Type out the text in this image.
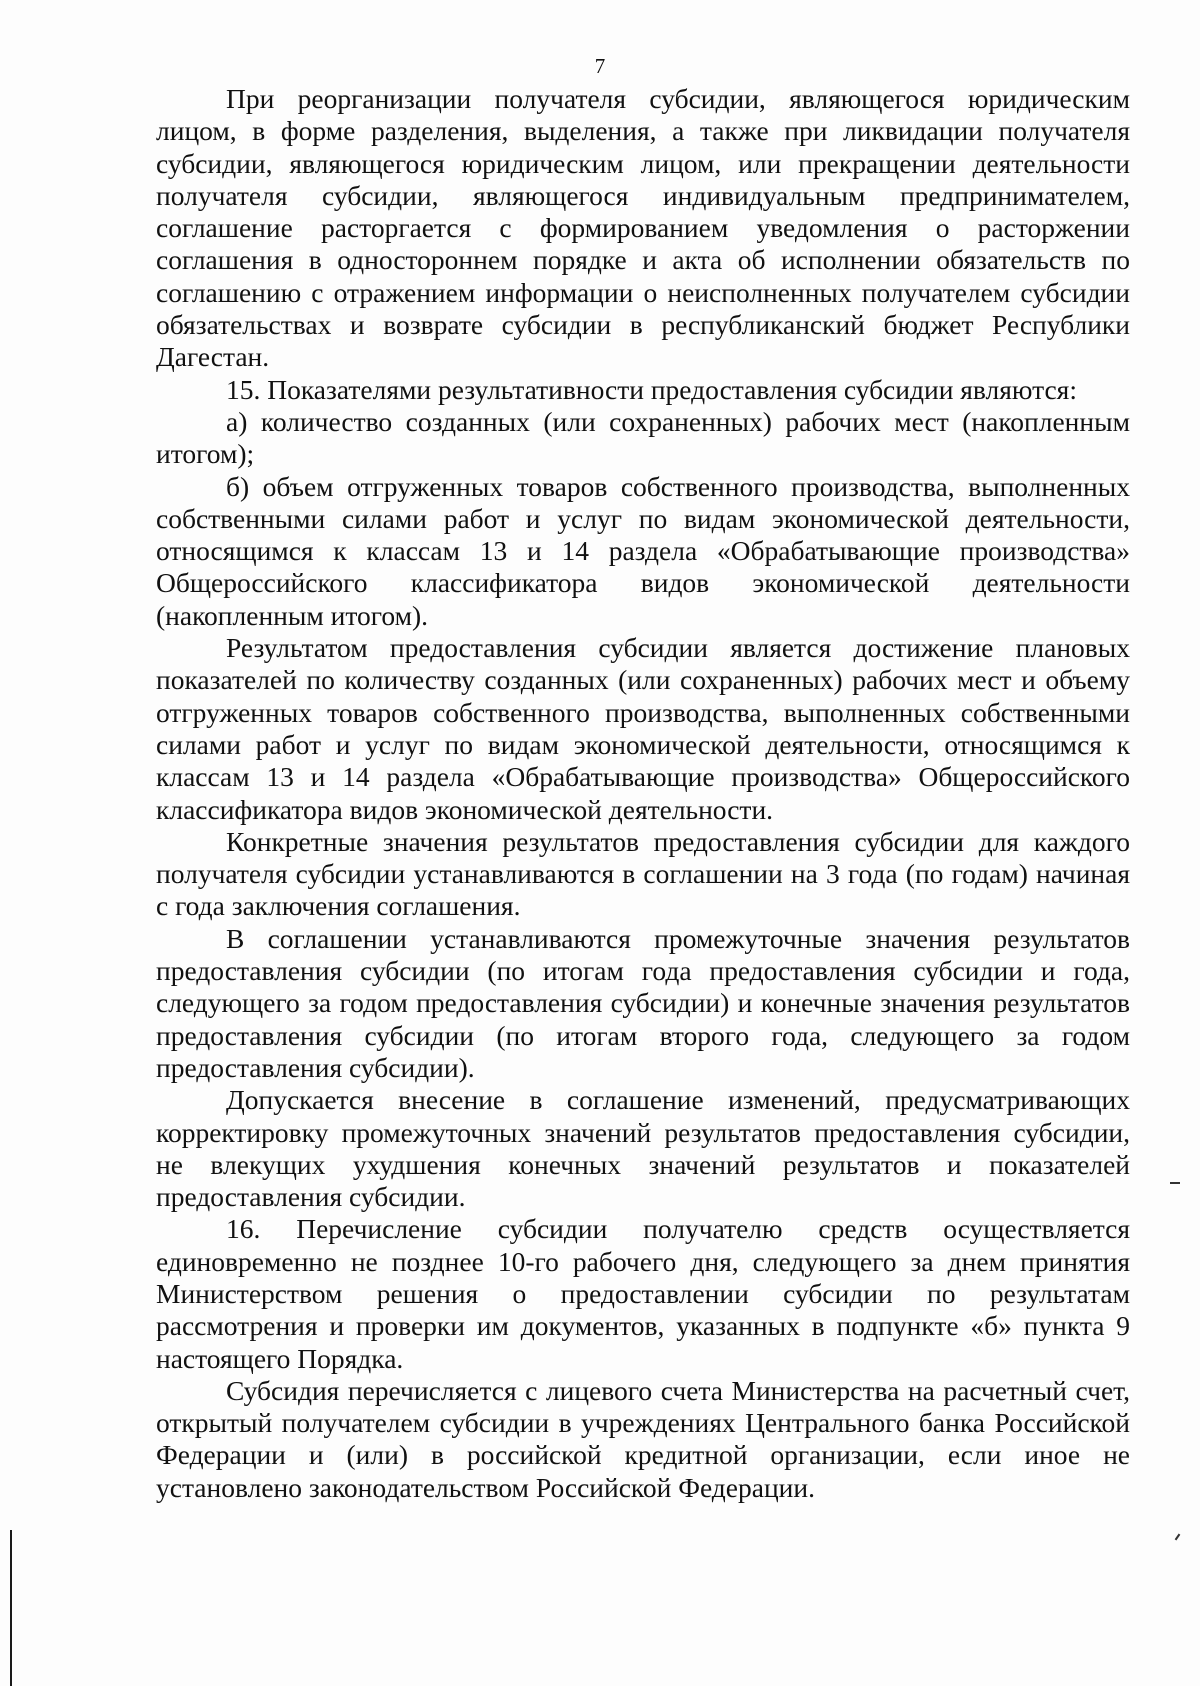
7

При реорганизации получателя субсидии, являющегося юридическим лицом, в форме разделения, выделения, а также при ликвидации получателя субсидии, являющегося юридическим лицом, или прекращении деятельности получателя субсидии, являющегося индивидуальным предпринимателем, соглашение расторгается с формированием уведомления о расторжении соглашения в одностороннем порядке и акта об исполнении обязательств по соглашению с отражением информации о неисполненных получателем субсидии обязательствах и возврате субсидии в республиканский бюджет Республики Дагестан.

15. Показателями результативности предоставления субсидии являются:

а) количество созданных (или сохраненных) рабочих мест (накопленным итогом);

б) объем отгруженных товаров собственного производства, выполненных собственными силами работ и услуг по видам экономической деятельности, относящимся к классам 13 и 14 раздела «Обрабатывающие производства» Общероссийского классификатора видов экономической деятельности (накопленным итогом).

Результатом предоставления субсидии является достижение плановых показателей по количеству созданных (или сохраненных) рабочих мест и объему отгруженных товаров собственного производства, выполненных собственными силами работ и услуг по видам экономической деятельности, относящимся к классам 13 и 14 раздела «Обрабатывающие производства» Общероссийского классификатора видов экономической деятельности.

Конкретные значения результатов предоставления субсидии для каждого получателя субсидии устанавливаются в соглашении на 3 года (по годам) начиная с года заключения соглашения.

В соглашении устанавливаются промежуточные значения результатов предоставления субсидии (по итогам года предоставления субсидии и года, следующего за годом предоставления субсидии) и конечные значения результатов предоставления субсидии (по итогам второго года, следующего за годом предоставления субсидии).

Допускается внесение в соглашение изменений, предусматривающих корректировку промежуточных значений результатов предоставления субсидии, не влекущих ухудшения конечных значений результатов и показателей предоставления субсидии.

16. Перечисление субсидии получателю средств осуществляется единовременно не позднее 10-го рабочего дня, следующего за днем принятия Министерством решения о предоставлении субсидии по результатам рассмотрения и проверки им документов, указанных в подпункте «б» пункта 9 настоящего Порядка.

Субсидия перечисляется с лицевого счета Министерства на расчетный счет, открытый получателем субсидии в учреждениях Центрального банка Российской Федерации и (или) в российской кредитной организации, если иное не установлено законодательством Российской Федерации.
